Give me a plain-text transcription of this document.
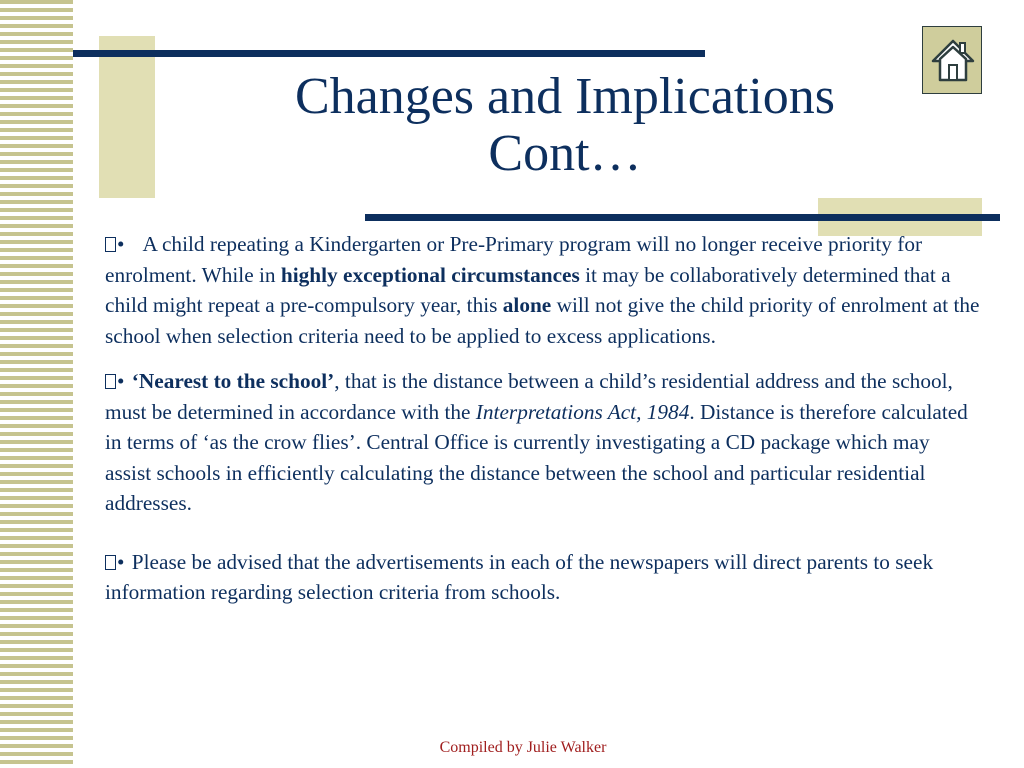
Changes and Implications
Cont…

• A child repeating a Kindergarten or Pre-Primary program will no longer receive priority for enrolment. While in highly exceptional circumstances it may be collaboratively determined that a child might repeat a pre-compulsory year, this alone will not give the child priority of enrolment at the school when selection criteria need to be applied to excess applications.

• ‘Nearest to the school’, that is the distance between a child’s residential address and the school, must be determined in accordance with the Interpretations Act, 1984. Distance is therefore calculated in terms of ‘as the crow flies’. Central Office is currently investigating a CD package which may assist schools in efficiently calculating the distance between the school and particular residential addresses.

• Please be advised that the advertisements in each of the newspapers will direct parents to seek information regarding selection criteria from schools.

Compiled by Julie Walker
